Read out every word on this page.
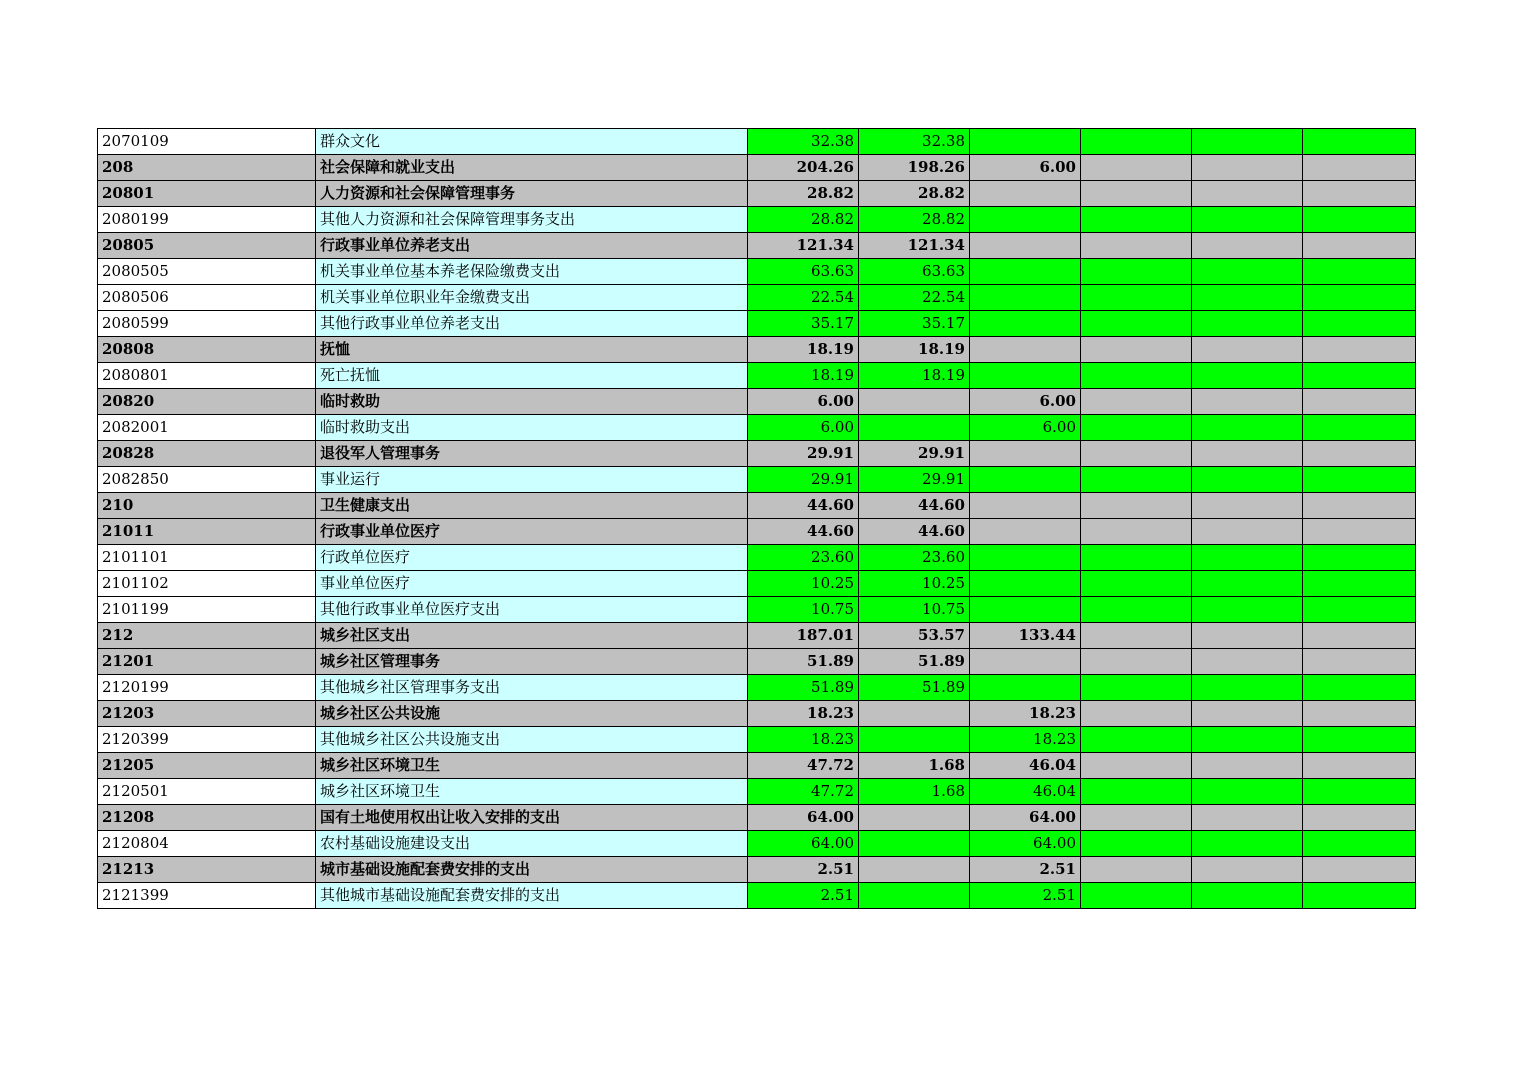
2070109	群众文化	32.38	32.38				
208	社会保障和就业支出	204.26	198.26	6.00			
20801	人力资源和社会保障管理事务	28.82	28.82				
2080199	其他人力资源和社会保障管理事务支出	28.82	28.82				
20805	行政事业单位养老支出	121.34	121.34				
2080505	机关事业单位基本养老保险缴费支出	63.63	63.63				
2080506	机关事业单位职业年金缴费支出	22.54	22.54				
2080599	其他行政事业单位养老支出	35.17	35.17				
20808	抚恤	18.19	18.19				
2080801	死亡抚恤	18.19	18.19				
20820	临时救助	6.00		6.00			
2082001	临时救助支出	6.00		6.00			
20828	退役军人管理事务	29.91	29.91				
2082850	事业运行	29.91	29.91				
210	卫生健康支出	44.60	44.60				
21011	行政事业单位医疗	44.60	44.60				
2101101	行政单位医疗	23.60	23.60				
2101102	事业单位医疗	10.25	10.25				
2101199	其他行政事业单位医疗支出	10.75	10.75				
212	城乡社区支出	187.01	53.57	133.44			
21201	城乡社区管理事务	51.89	51.89				
2120199	其他城乡社区管理事务支出	51.89	51.89				
21203	城乡社区公共设施	18.23		18.23			
2120399	其他城乡社区公共设施支出	18.23		18.23			
21205	城乡社区环境卫生	47.72	1.68	46.04			
2120501	城乡社区环境卫生	47.72	1.68	46.04			
21208	国有土地使用权出让收入安排的支出	64.00		64.00			
2120804	农村基础设施建设支出	64.00		64.00			
21213	城市基础设施配套费安排的支出	2.51		2.51			
2121399	其他城市基础设施配套费安排的支出	2.51		2.51			
